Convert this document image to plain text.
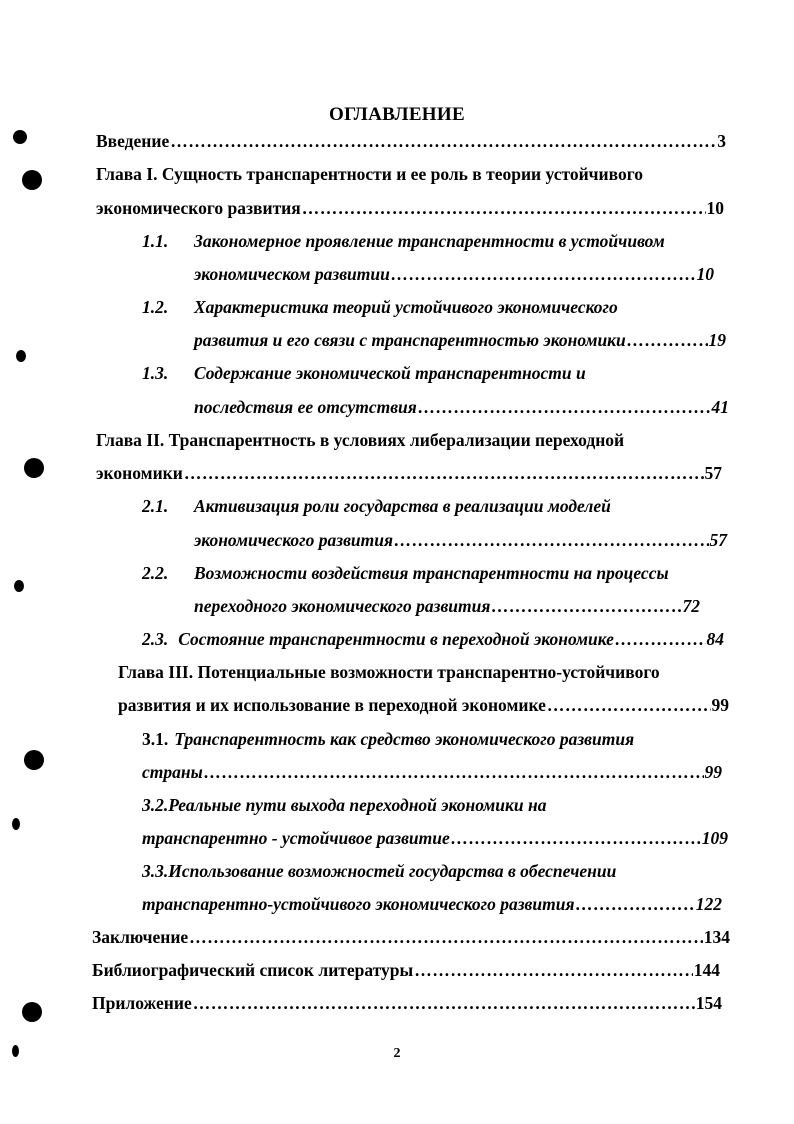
ОГЛАВЛЕНИЕ
Введение ……………………………………………………………………………………………………………………………………………………………………………………………………	3
Глава I. Сущность транспарентности и ее роль в теории устойчивого
экономического развития ……………………………………………………………………………………………………………………………………………………………………………………………………	10
1.1.	Закономерное проявление транспарентности в устойчивом
экономическом развитии ……………………………………………………………………………………………………………………………………………………………………………………………………	10
1.2.	Характеристика теорий устойчивого экономического
развития и его связи с транспарентностью экономики ……………………………………………………………………………………………………………………………………………………………………………………………………	19
1.3.	Содержание экономической транспарентности и
последствия ее отсутствия ……………………………………………………………………………………………………………………………………………………………………………………………………	41
Глава II. Транспарентность в условиях либерализации переходной
экономики ……………………………………………………………………………………………………………………………………………………………………………………………………	57
2.1.	Активизация роли государства в реализации моделей
экономического развития ……………………………………………………………………………………………………………………………………………………………………………………………………	57
2.2.	Возможности воздействия транспарентности на процессы
переходного экономического развития ……………………………………………………………………………………………………………………………………………………………………………………………………	72
2.3. Состояние транспарентности в переходной экономике ……………………………………………………………………………………………………………………………………………………………………………………………………	84
Глава III. Потенциальные возможности транспарентно-устойчивого
развития и их использование в переходной экономике ……………………………………………………………………………………………………………………………………………………………………………………………………	99
3.1. Транспарентность как средство экономического развития
страны ……………………………………………………………………………………………………………………………………………………………………………………………………	99
3.2. Реальные пути выхода переходной экономики на
транспарентно - устойчивое развитие ……………………………………………………………………………………………………………………………………………………………………………………………………	109
3.3. Использование возможностей государства в обеспечении
транспарентно-устойчивого экономического развития ……………………………………………………………………………………………………………………………………………………………………………………………………	122
Заключение ……………………………………………………………………………………………………………………………………………………………………………………………………	134
Библиографический список литературы ……………………………………………………………………………………………………………………………………………………………………………………………………	144
Приложение ……………………………………………………………………………………………………………………………………………………………………………………………………	154
2
